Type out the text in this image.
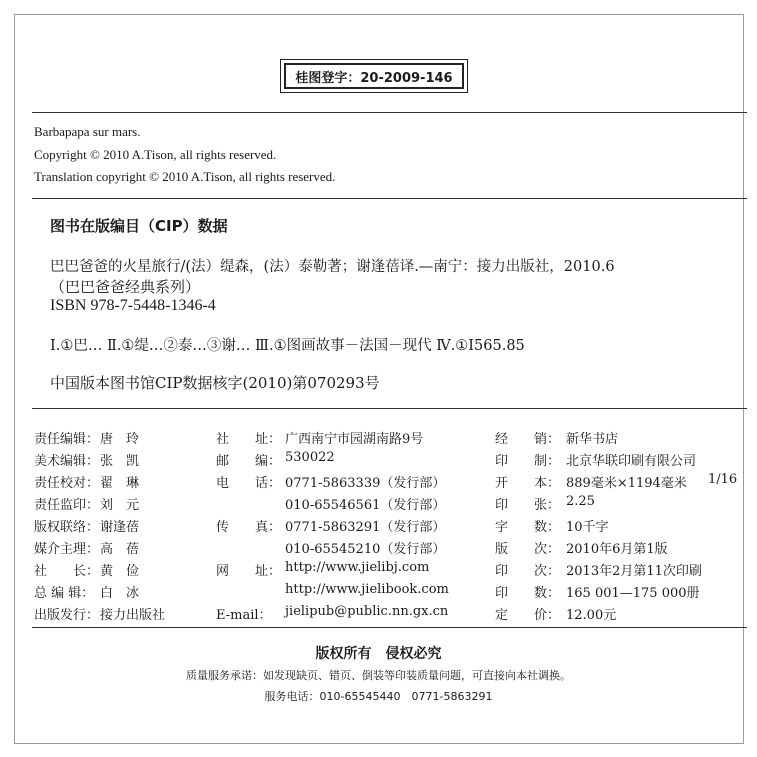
桂图登字：20-2009-146
Barbapapa sur mars.
Copyright © 2010 A.Tison, all rights reserved.
Translation copyright © 2010 A.Tison, all rights reserved.
图书在版编目（CIP）数据
巴巴爸爸的火星旅行/(法）缇森，(法）泰勒著；谢逢蓓译.—南宁：接力出版社，2010.6
（巴巴爸爸经典系列）
ISBN 978-7-5448-1346-4
Ⅰ.①巴… Ⅱ.①缇…②泰…③谢… Ⅲ.①图画故事－法国－现代 Ⅳ.①I565.85
中国版本图书馆CIP数据核字(2010)第070293号
版权所有　侵权必究
质量服务承诺：如发现缺页、错页、倒装等印装质量问题，可直接向本社调换。
服务电话：010-65545440　0771-5863291
责任编辑： 唐　玲
美术编辑： 张　凯
责任校对： 翟　琳
责任监印： 刘　元
版权联络： 谢逢蓓
媒介主理： 高　蓓
社　　长： 黄　俭
总 编 辑： 白　冰
出版发行： 接力出版社
社　　址： 广西南宁市园湖南路9号
邮　　编： 530022
电　　话： 0771-5863339（发行部）
010-65546561（发行部）
传　　真： 0771-5863291（发行部）
010-65545210（发行部）
网　　址： http://www.jielibj.com
http://www.jielibook.com
E-mail： jielipub@public.nn.gx.cn
经　　销： 新华书店
印　　制： 北京华联印刷有限公司
开　　本： 889毫米×1194毫米 1/16
印　　张： 2.25
字　　数： 10千字
版　　次： 2010年6月第1版
印　　次： 2013年2月第11次印刷
印　　数： 165 001—175 000册
定　　价： 12.00元
